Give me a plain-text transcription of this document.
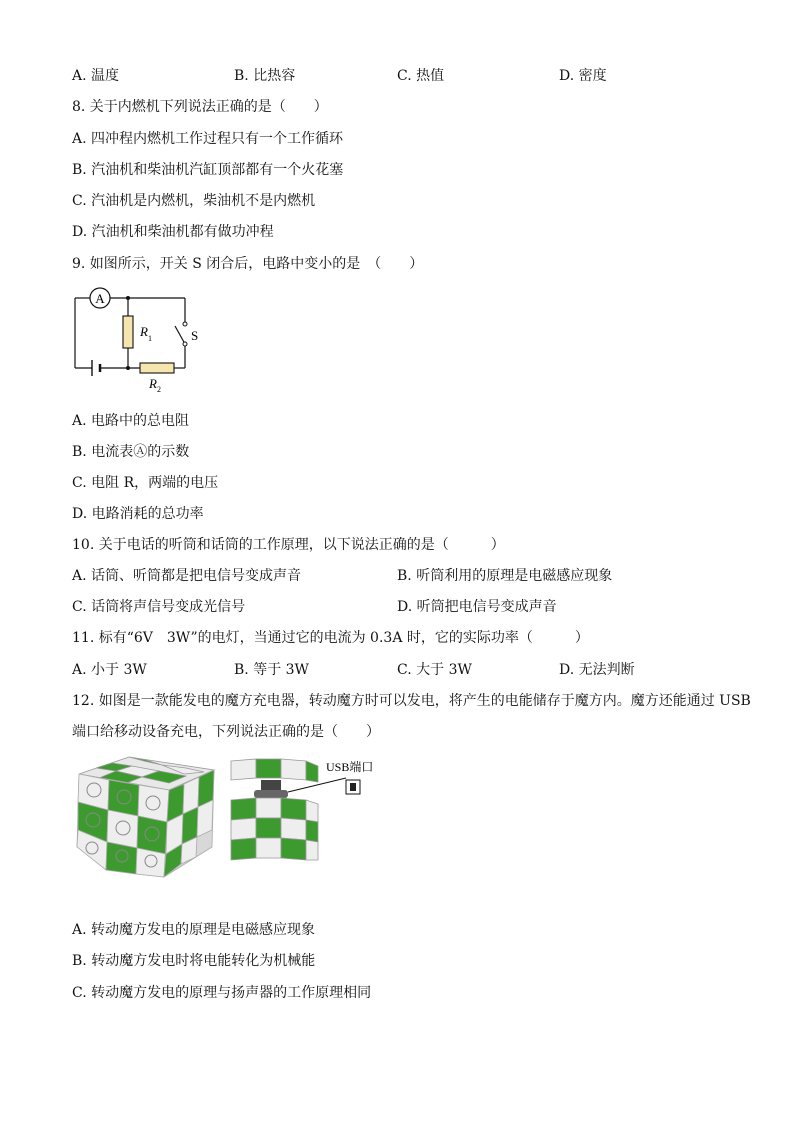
A. 温度	B. 比热容	C. 热值	D. 密度
8. 关于内燃机下列说法正确的是（　　）
A. 四冲程内燃机工作过程只有一个工作循环
B. 汽油机和柴油机汽缸顶部都有一个火花塞
C. 汽油机是内燃机，柴油机不是内燃机
D. 汽油机和柴油机都有做功冲程
9. 如图所示，开关 S 闭合后，电路中变小的是　（　　）
A
R 1
R 2
S
A. 电路中的总电阻
B. 电流表Ⓐ的示数
C. 电阻 R，两端的电压
D. 电路消耗的总功率
10. 关于电话的听筒和话筒的工作原理，以下说法正确的是（　　　）
A. 话筒、听筒都是把电信号变成声音	B. 听筒利用的原理是电磁感应现象
C. 话筒将声信号变成光信号	D. 听筒把电信号变成声音
11. 标有“6V　3W”的电灯，当通过它的电流为 0.3A 时，它的实际功率（　　　）
A. 小于 3W	B. 等于 3W	C. 大于 3W	D. 无法判断
12. 如图是一款能发电的魔方充电器，转动魔方时可以发电，将产生的电能储存于魔方内。魔方还能通过 USB
端口给移动设备充电，下列说法正确的是（　　）
USB端口
A. 转动魔方发电的原理是电磁感应现象
B. 转动魔方发电时将电能转化为机械能
C. 转动魔方发电的原理与扬声器的工作原理相同
